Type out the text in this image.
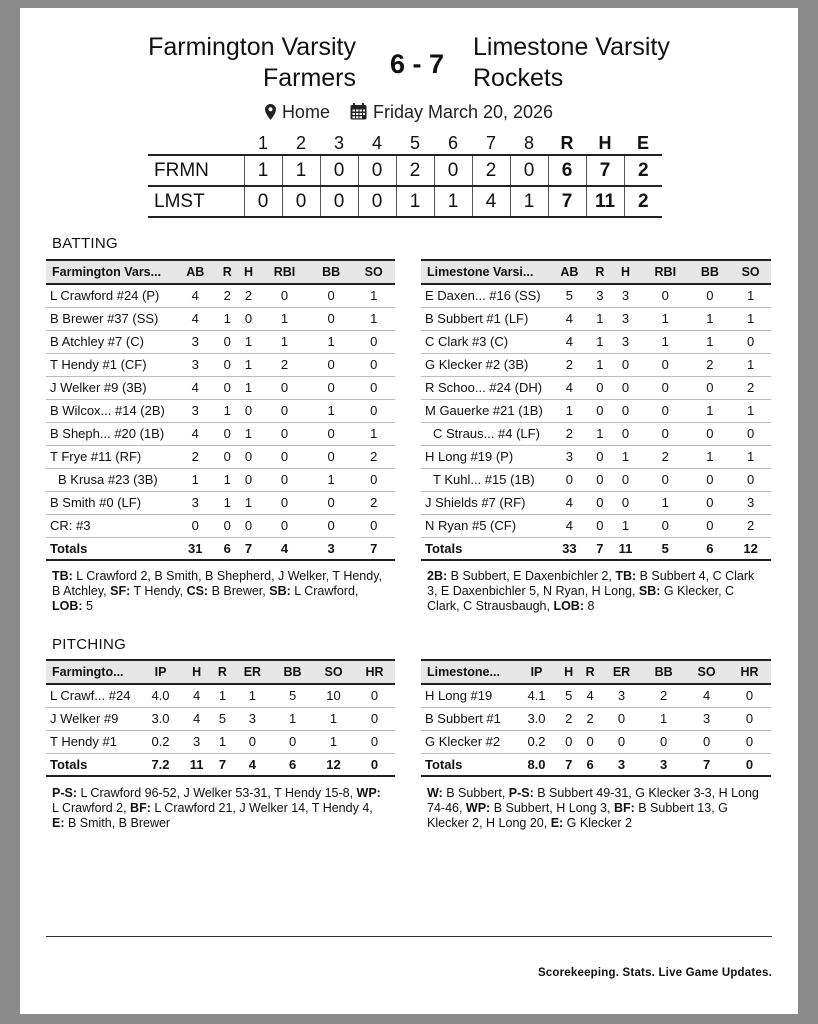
Farmington Varsity
Farmers	6 - 7
Limestone Varsity
Rockets
Home Friday March 20, 2026
	1	2	3	4	5	6	7	8	R	H	E
FRMN	1	1	0	0	2	0	2	0	6	7	2
LMST	0	0	0	0	1	1	4	1	7	11	2
BATTING
Farmington Vars...	AB	R	H	RBI	BB	SO
L Crawford #24 (P)	4	2	2	0	0	1
B Brewer #37 (SS)	4	1	0	1	0	1
B Atchley #7 (C)	3	0	1	1	1	0
T Hendy #1 (CF)	3	0	1	2	0	0
J Welker #9 (3B)	4	0	1	0	0	0
B Wilcox... #14 (2B)	3	1	0	0	1	0
B Sheph... #20 (1B)	4	0	1	0	0	1
T Frye #11 (RF)	2	0	0	0	0	2
B Krusa #23 (3B)	1	1	0	0	1	0
B Smith #0 (LF)	3	1	1	0	0	2
CR: #3	0	0	0	0	0	0
Totals	31	6	7	4	3	7
Limestone Varsi...	AB	R	H	RBI	BB	SO
E Daxen... #16 (SS)	5	3	3	0	0	1
B Subbert #1 (LF)	4	1	3	1	1	1
C Clark #3 (C)	4	1	3	1	1	0
G Klecker #2 (3B)	2	1	0	0	2	1
R Schoo... #24 (DH)	4	0	0	0	0	2
M Gauerke #21 (1B)	1	0	0	0	1	1
C Straus... #4 (LF)	2	1	0	0	0	0
H Long #19 (P)	3	0	1	2	1	1
T Kuhl... #15 (1B)	0	0	0	0	0	0
J Shields #7 (RF)	4	0	0	1	0	3
N Ryan #5 (CF)	4	0	1	0	0	2
Totals	33	7	11	5	6	12
TB: L Crawford 2, B Smith, B Shepherd, J Welker, T Hendy, B Atchley, SF: T Hendy, CS: B Brewer, SB: L Crawford, LOB: 5
2B: B Subbert, E Daxenbichler 2, TB: B Subbert 4, C Clark 3, E Daxenbichler 5, N Ryan, H Long, SB: G Klecker, C Clark, C Strausbaugh, LOB: 8
PITCHING
Farmingto...	IP	H	R	ER	BB	SO	HR
L Crawf... #24	4.0	4	1	1	5	10	0
J Welker #9	3.0	4	5	3	1	1	0
T Hendy #1	0.2	3	1	0	0	1	0
Totals	7.2	11	7	4	6	12	0
Limestone...	IP	H	R	ER	BB	SO	HR
H Long #19	4.1	5	4	3	2	4	0
B Subbert #1	3.0	2	2	0	1	3	0
G Klecker #2	0.2	0	0	0	0	0	0
Totals	8.0	7	6	3	3	7	0
P-S: L Crawford 96-52, J Welker 53-31, T Hendy 15-8, WP: L Crawford 2, BF: L Crawford 21, J Welker 14, T Hendy 4, E: B Smith, B Brewer
W: B Subbert, P-S: B Subbert 49-31, G Klecker 3-3, H Long 74-46, WP: B Subbert, H Long 3, BF: B Subbert 13, G Klecker 2, H Long 20, E: G Klecker 2
Scorekeeping. Stats. Live Game Updates.
